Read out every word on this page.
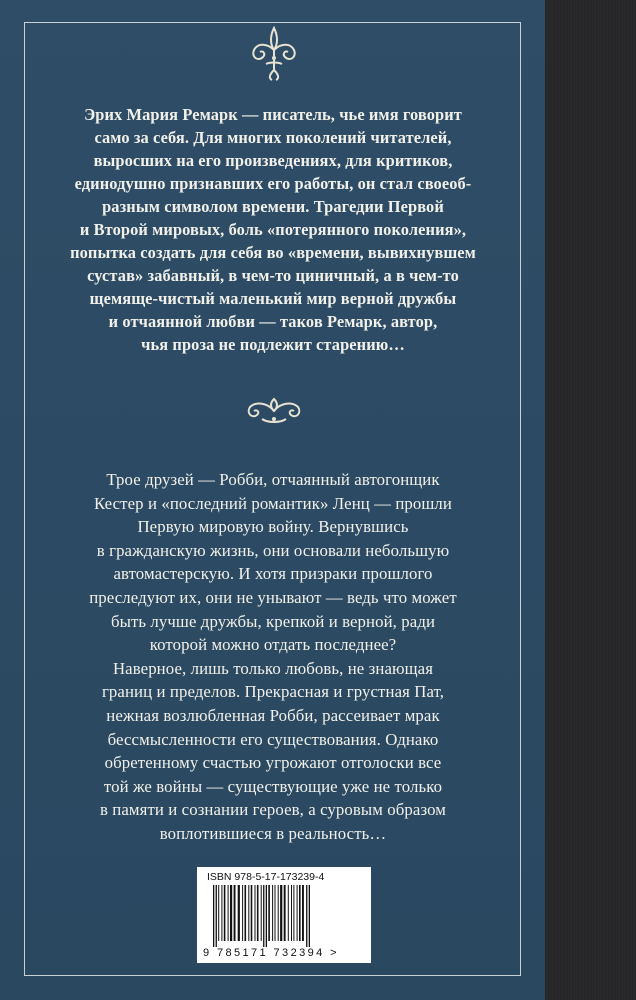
Эрих Мария Ремарк — писатель, чье имя говорит
само за себя. Для многих поколений читателей,
выросших на его произведениях, для критиков,
единодушно признавших его работы, он стал своеоб-
разным символом времени. Трагедии Первой
и Второй мировых, боль «потерянного поколения»,
попытка создать для себя во «времени, вывихнувшем
сустав» забавный, в чем-то циничный, а в чем-то
щемяще-чистый маленький мир верной дружбы
и отчаянной любви — таков Ремарк, автор,
чья проза не подлежит старению…

Трое друзей — Робби, отчаянный автогонщик
Кестер и «последний романтик» Ленц — прошли
Первую мировую войну. Вернувшись
в гражданскую жизнь, они основали небольшую
автомастерскую. И хотя призраки прошлого
преследуют их, они не унывают — ведь что может
быть лучше дружбы, крепкой и верной, ради
которой можно отдать последнее?
Наверное, лишь только любовь, не знающая
границ и пределов. Прекрасная и грустная Пат,
нежная возлюбленная Робби, рассеивает мрак
бессмысленности его существования. Однако
обретенному счастью угрожают отголоски все
той же войны — существующие уже не только
в памяти и сознании героев, а суровым образом
воплотившиеся в реальность…

ISBN 978-5-17-173239-4

9 785171 732394 >
